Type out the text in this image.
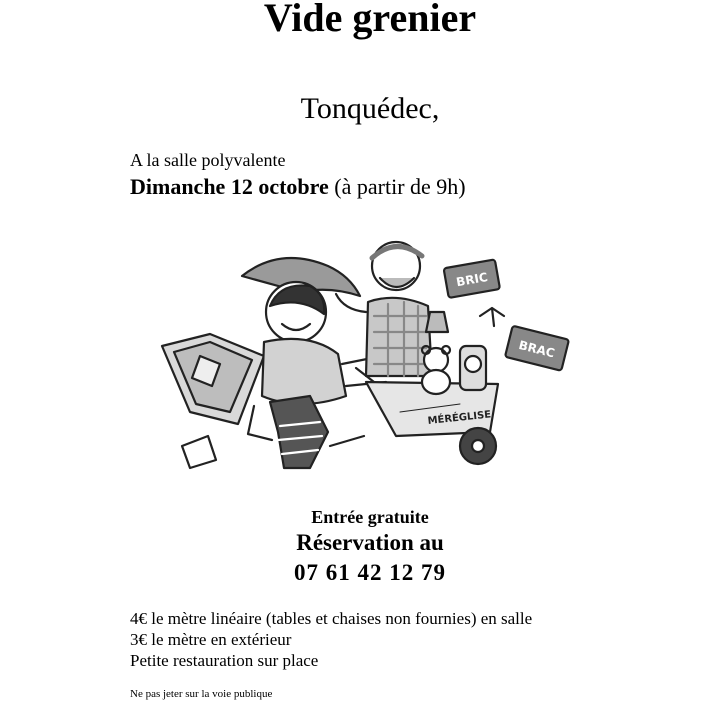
Vide grenier
Tonquédec,
A la salle polyvalente
Dimanche 12 octobre (à partir de 9h)
BRIC
BRAC
MÉRÉGLISE
Entrée gratuite
Réservation au
07 61 42 12 79
4€ le mètre linéaire (tables et chaises non fournies) en salle
3€ le mètre en extérieur
Petite restauration sur place
Ne pas jeter sur la voie publique
